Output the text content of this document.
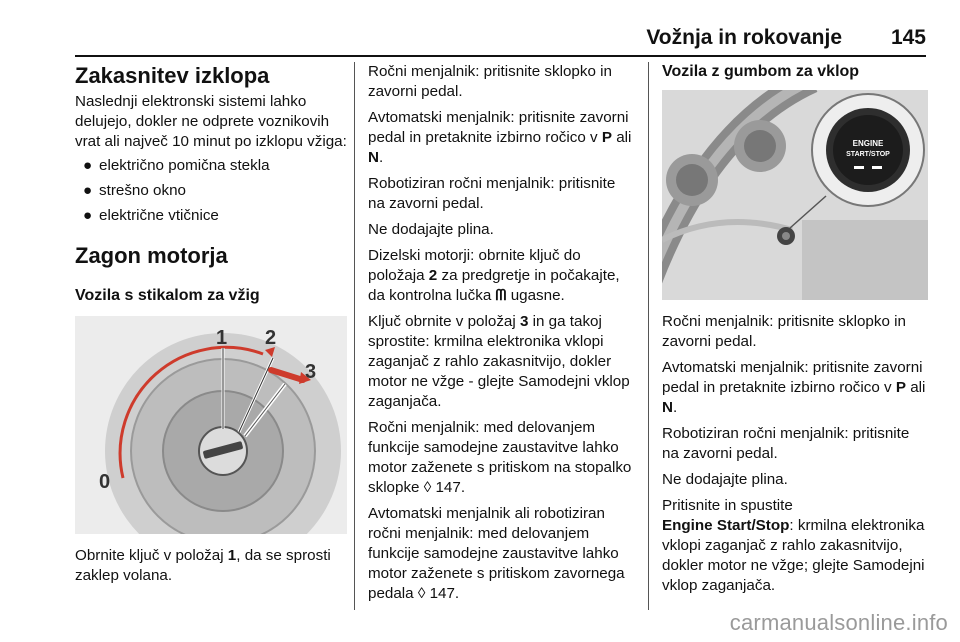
Vožnja in rokovanje 145
Zakasnitev izklopa

Naslednji elektronski sistemi lahko delujejo, dokler ne odprete voznikovih vrat ali največ 10 minut po izklopu vžiga:

● električno pomična stekla
● strešno okno
● električne vtičnice
Zagon motorja
Vozila s stikalom za vžig
1 2
3
0

Obrnite ključ v položaj 1, da se sprosti zaklep volana.

Ročni menjalnik: pritisnite sklopko in zavorni pedal.

Avtomatski menjalnik: pritisnite zavorni pedal in pretaknite izbirno ročico v P ali N.

Robotiziran ročni menjalnik: pritisnite na zavorni pedal.

Ne dodajajte plina.

Dizelski motorji: obrnite ključ do položaja 2 za predgretje in počakajte, da kontrolna lučka ᗰ ugasne.

Ključ obrnite v položaj 3 in ga takoj sprostite: krmilna elektronika vklopi zaganjač z rahlo zakasnitvijo, dokler motor ne vžge - glejte Samodejni vklop zaganjača.

Ročni menjalnik: med delovanjem funkcije samodejne zaustavitve lahko motor zaženete s pritiskom na stopalko sklopke ◊ 147.

Avtomatski menjalnik ali robotiziran ročni menjalnik: med delovanjem funkcije samodejne zaustavitve lahko motor zaženete s pritiskom zavornega pedala ◊ 147.

Vozila z gumbom za vklop
ENGINE
START/STOP

Ročni menjalnik: pritisnite sklopko in zavorni pedal.

Avtomatski menjalnik: pritisnite zavorni pedal in pretaknite izbirno ročico v P ali N.

Robotiziran ročni menjalnik: pritisnite na zavorni pedal.

Ne dodajajte plina.

Pritisnite in spustite
Engine Start/Stop: krmilna elektronika vklopi zaganjač z rahlo zakasnitvijo, dokler motor ne vžge; glejte Samodejni vklop zaganjača.

carmanualsonline.info
